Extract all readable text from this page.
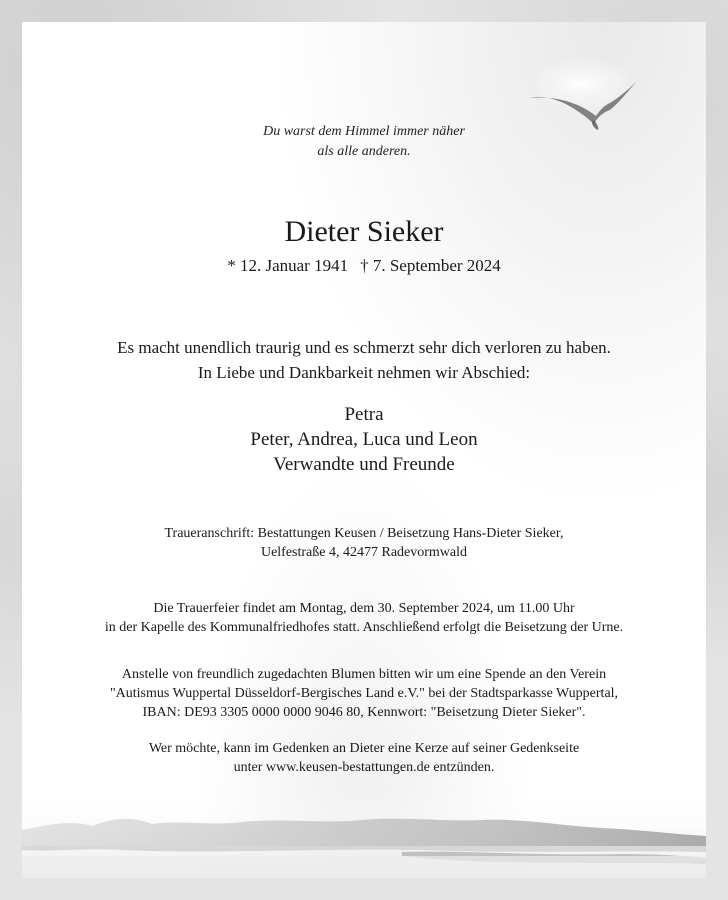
Du warst dem Himmel immer näher
als alle anderen.
Dieter Sieker
* 12. Januar 1941 † 7. September 2024
Es macht unendlich traurig und es schmerzt sehr dich verloren zu haben.
In Liebe und Dankbarkeit nehmen wir Abschied:
Petra
Peter, Andrea, Luca und Leon
Verwandte und Freunde
Traueranschrift: Bestattungen Keusen / Beisetzung Hans-Dieter Sieker,
Uelfestraße 4, 42477 Radevormwald
Die Trauerfeier findet am Montag, dem 30. September 2024, um 11.00 Uhr
in der Kapelle des Kommunalfriedhofes statt. Anschließend erfolgt die Beisetzung der Urne.
Anstelle von freundlich zugedachten Blumen bitten wir um eine Spende an den Verein
"Autismus Wuppertal Düsseldorf-Bergisches Land e.V." bei der Stadtsparkasse Wuppertal,
IBAN: DE93 3305 0000 0000 9046 80, Kennwort: "Beisetzung Dieter Sieker".
Wer möchte, kann im Gedenken an Dieter eine Kerze auf seiner Gedenkseite
unter www.keusen-bestattungen.de entzünden.
